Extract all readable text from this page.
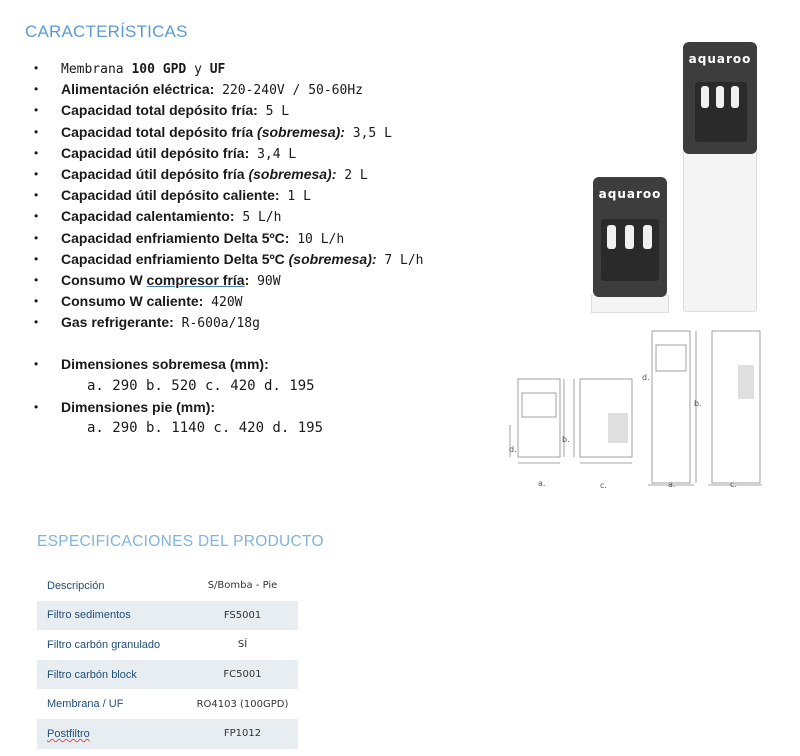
CARACTERÍSTICAS
• Membrana 100 GPD y UF
• Alimentación eléctrica: 220-240V / 50-60Hz
• Capacidad total depósito fría: 5 L
• Capacidad total depósito fría (sobremesa): 3,5 L
• Capacidad útil depósito fría: 3,4 L
• Capacidad útil depósito fría (sobremesa): 2 L
• Capacidad útil depósito caliente: 1 L
• Capacidad calentamiento: 5 L/h
• Capacidad enfriamiento Delta 5ºC: 10 L/h
• Capacidad enfriamiento Delta 5ºC (sobremesa): 7 L/h
• Consumo W compresor fría: 90W
• Consumo W caliente: 420W
• Gas refrigerante: R-600a/18g
• Dimensiones sobremesa (mm):
a. 290 b. 520 c. 420 d. 195
• Dimensiones pie (mm):
a. 290 b. 1140 c. 420 d. 195
aquaroo
aquaroo
a.	c.
b.
d.
d.
b.
a.	c.
ESPECIFICACIONES DEL PRODUCTO
Descripción	S/Bomba - Pie
Filtro sedimentos	FS5001
Filtro carbón granulado	SÍ
Filtro carbón block	FC5001
Membrana / UF	RO4103 (100GPD)
Postfiltro	FP1012
